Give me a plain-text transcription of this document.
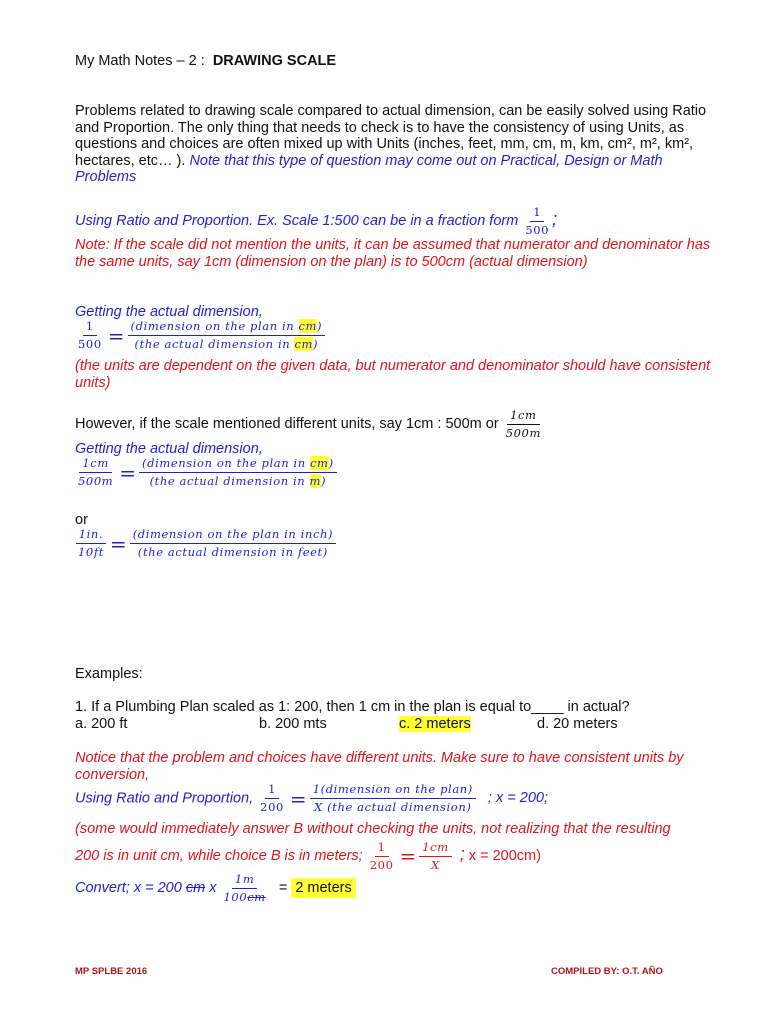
My Math Notes – 2 : DRAWING SCALE
Problems related to drawing scale compared to actual dimension, can be easily solved using Ratio and Proportion. The only thing that needs to check is to have the consistency of using Units, as questions and choices are often mixed up with Units (inches, feet, mm, cm, m, km, cm², m², km², hectares, etc… ). Note that this type of question may come out on Practical, Design or Math Problems
Using Ratio and Proportion. Ex. Scale 1:500 can be in a fraction form $\frac{1}{500}$ ;
Note: If the scale did not mention the units, it can be assumed that numerator and denominator has the same units, say 1cm (dimension on the plan) is to 500cm (actual dimension)
Getting the actual dimension,
$\frac{1}{500} = \frac{\text{(dimension on the plan in cm)}}{\text{(the actual dimension in cm)}}$
(the units are dependent on the given data, but numerator and denominator should have consistent units)
However, if the scale mentioned different units, say 1cm : 500m or $\frac{1cm}{500m}$
Getting the actual dimension,
$\frac{1cm}{500m} = \frac{\text{(dimension on the plan in cm)}}{\text{(the actual dimension in m)}}$
or
$\frac{1in.}{10ft} = \frac{\text{(dimension on the plan in inch)}}{\text{(the actual dimension in feet)}}$
Examples:
1. If a Plumbing Plan scaled as 1: 200, then 1 cm in the plan is equal to____ in actual?
a. 200 ft	b. 200 mts	c. 2 meters	d. 20 meters
Notice that the problem and choices have different units. Make sure to have consistent units by conversion,
Using Ratio and Proportion, $\frac{1}{200} = \frac{\text{1(dimension on the plan)}}{\text{X (the actual dimension)}}$ ; x = 200;
(some would immediately answer B without checking the units, not realizing that the resulting
200 is in unit cm, while choice B is in meters; $\frac{1}{200} = \frac{1cm}{X}$ ; x = 200cm)
Convert; x = 200 cm x $\frac{1m}{100cm} = 2$ meters
MP SPLBE 2016	COMPILED BY: O.T. AÑO
